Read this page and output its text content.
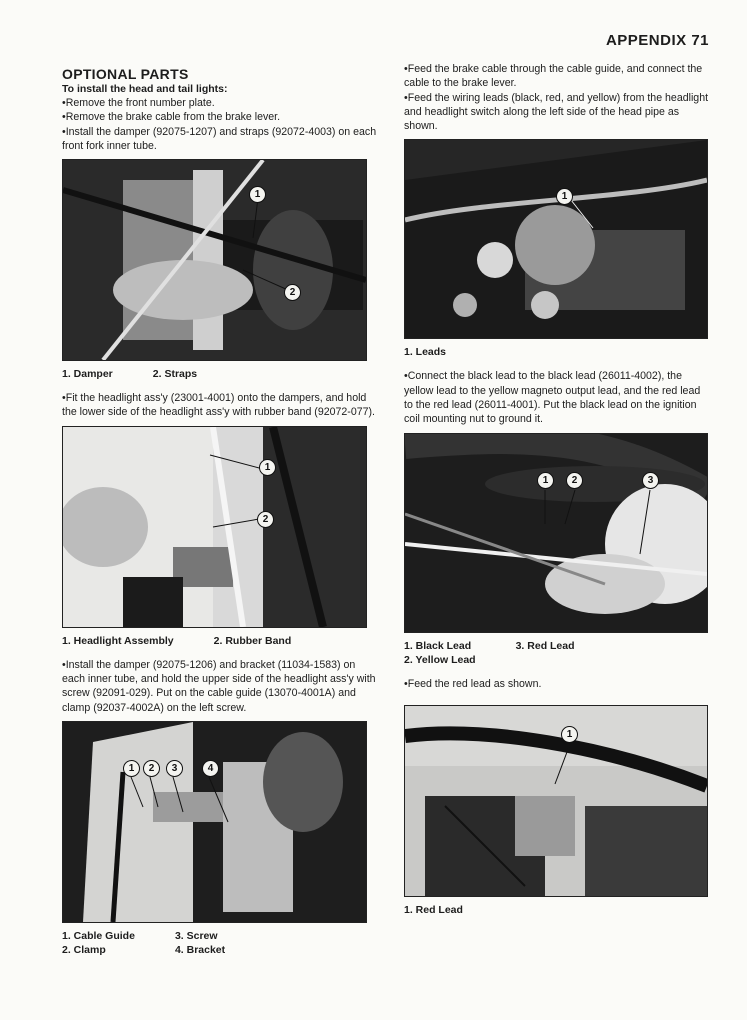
APPENDIX 71
OPTIONAL PARTS
To install the head and tail lights:

• Remove the front number plate.

• Remove the brake cable from the brake lever.

• Install the damper (92075-1207) and straps (92072-4003) on each front fork inner tube.

1
2
1. Damper	2. Straps

• Fit the headlight ass'y (23001-4001) onto the dampers, and hold the lower side of the headlight ass'y with rubber band (92072-077).

1
2
1. Headlight Assembly	2. Rubber Band

• Install the damper (92075-1206) and bracket (11034-1583) on each inner tube, and hold the upper side of the headlight ass'y with screw (92091-029). Put on the cable guide (13070-4001A) and clamp (92037-4002A) on the left screw.

1	2	3	4
1. Cable Guide	3. Screw
2. Clamp	4. Bracket

• Feed the brake cable through the cable guide, and connect the cable to the brake lever.

• Feed the wiring leads (black, red, and yellow) from the headlight and headlight switch along the left side of the head pipe as shown.

1
1. Leads

• Connect the black lead to the black lead (26011-4002), the yellow lead to the yellow magneto output lead, and the red lead to the red lead (26011-4001). Put the black lead on the ignition coil mounting nut to ground it.

1	2	3
1. Black Lead	3. Red Lead
2. Yellow Lead

• Feed the red lead as shown.

1
1. Red Lead
